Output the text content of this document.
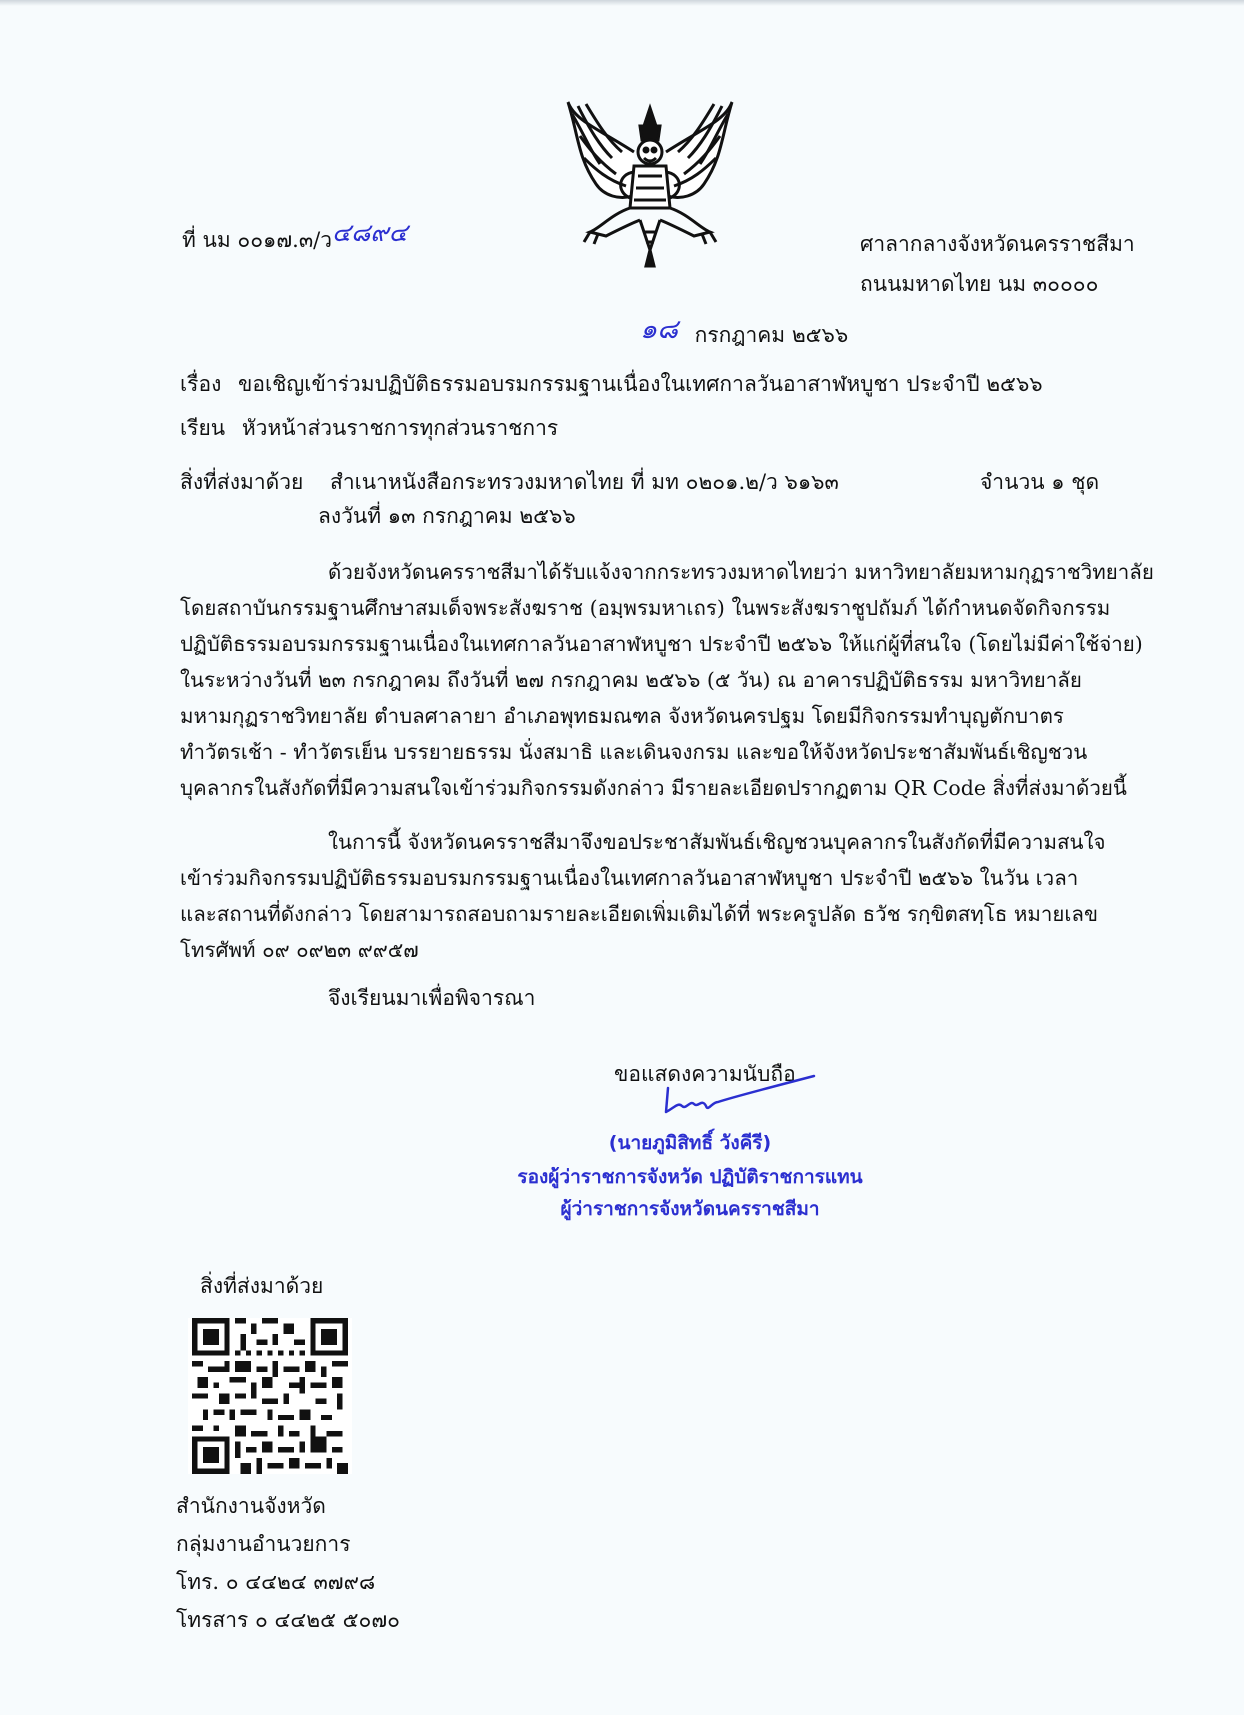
ที่ นม ๐๐๑๗.๓/ว๔๘๙๔	ศาลากลางจังหวัดนครราชสีมา
ถนนมหาดไทย นม ๓๐๐๐๐
๑๘ กรกฎาคม ๒๕๖๖
เรื่อง ขอเชิญเข้าร่วมปฏิบัติธรรมอบรมกรรมฐานเนื่องในเทศกาลวันอาสาฬหบูชา ประจำปี ๒๕๖๖
เรียน หัวหน้าส่วนราชการทุกส่วนราชการ
สิ่งที่ส่งมาด้วย สำเนาหนังสือกระทรวงมหาดไทย ที่ มท ๐๒๐๑.๒/ว ๖๑๖๓	จำนวน ๑ ชุด
ลงวันที่ ๑๓ กรกฎาคม ๒๕๖๖
ด้วยจังหวัดนครราชสีมาได้รับแจ้งจากกระทรวงมหาดไทยว่า มหาวิทยาลัยมหามกุฏราชวิทยาลัย
โดยสถาบันกรรมฐานศึกษาสมเด็จพระสังฆราช (อมฺพรมหาเถร) ในพระสังฆราชูปถัมภ์ ได้กำหนดจัดกิจกรรม
ปฏิบัติธรรมอบรมกรรมฐานเนื่องในเทศกาลวันอาสาฬหบูชา ประจำปี ๒๕๖๖ ให้แก่ผู้ที่สนใจ (โดยไม่มีค่าใช้จ่าย)
ในระหว่างวันที่ ๒๓ กรกฎาคม ถึงวันที่ ๒๗ กรกฎาคม ๒๕๖๖ (๕ วัน) ณ อาคารปฏิบัติธรรม มหาวิทยาลัย
มหามกุฏราชวิทยาลัย ตำบลศาลายา อำเภอพุทธมณฑล จังหวัดนครปฐม โดยมีกิจกรรมทำบุญตักบาตร
ทำวัตรเช้า - ทำวัตรเย็น บรรยายธรรม นั่งสมาธิ และเดินจงกรม และขอให้จังหวัดประชาสัมพันธ์เชิญชวน
บุคลากรในสังกัดที่มีความสนใจเข้าร่วมกิจกรรมดังกล่าว มีรายละเอียดปรากฏตาม QR Code สิ่งที่ส่งมาด้วยนี้
ในการนี้ จังหวัดนครราชสีมาจึงขอประชาสัมพันธ์เชิญชวนบุคลากรในสังกัดที่มีความสนใจ
เข้าร่วมกิจกรรมปฏิบัติธรรมอบรมกรรมฐานเนื่องในเทศกาลวันอาสาฬหบูชา ประจำปี ๒๕๖๖ ในวัน เวลา
และสถานที่ดังกล่าว โดยสามารถสอบถามรายละเอียดเพิ่มเติมได้ที่ พระครูปลัด ธวัช รกฺขิตสทฺโธ หมายเลข
โทรศัพท์ ๐๙ ๐๙๒๓ ๙๙๕๗
จึงเรียนมาเพื่อพิจารณา
ขอแสดงความนับถือ
(นายภูมิสิทธิ์ วังคีรี)
รองผู้ว่าราชการจังหวัด ปฏิบัติราชการแทน
ผู้ว่าราชการจังหวัดนครราชสีมา
สิ่งที่ส่งมาด้วย
สำนักงานจังหวัด
กลุ่มงานอำนวยการ
โทร. ๐ ๔๔๒๔ ๓๗๙๘
โทรสาร ๐ ๔๔๒๕ ๕๐๗๐
